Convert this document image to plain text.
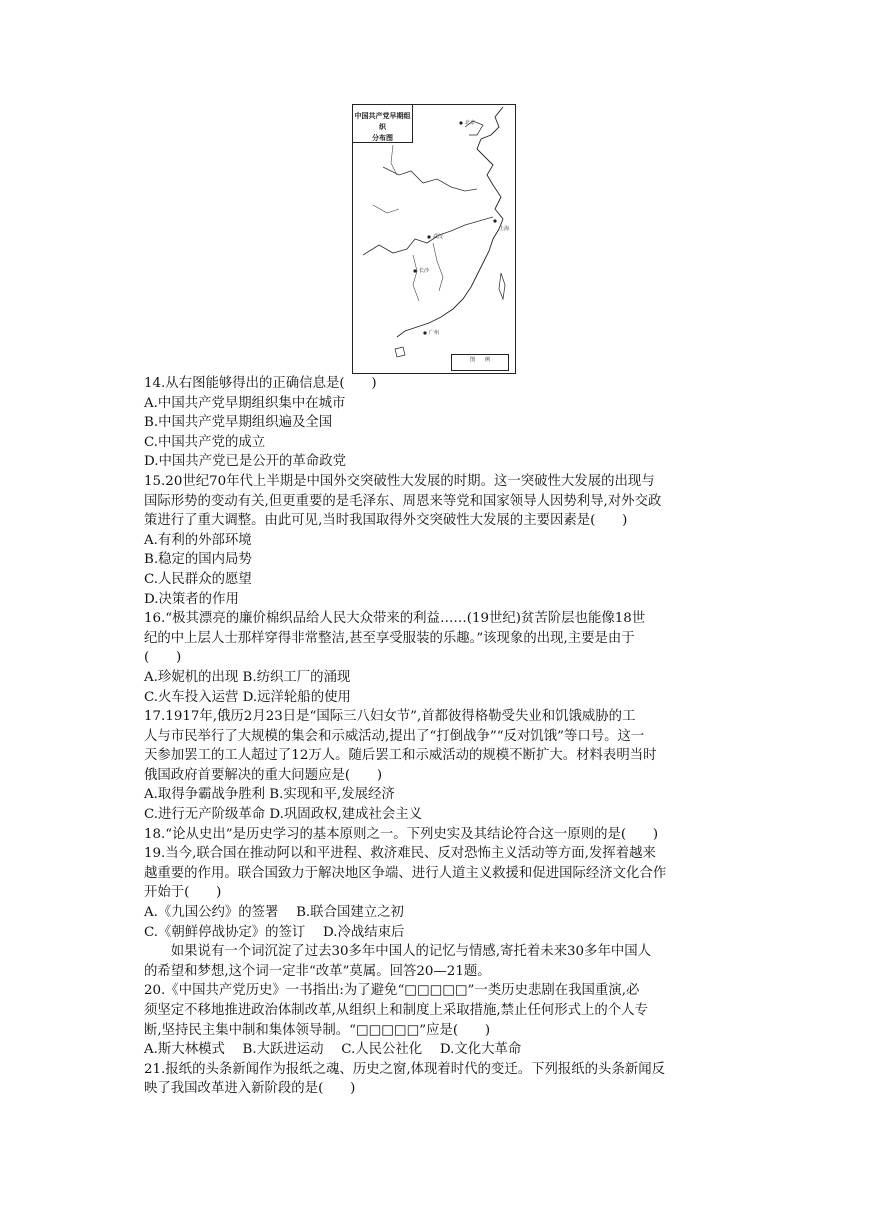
中国共产党早期组织
分布图
北京
武汉
长沙
广州
上海
图　　例

14.从右图能够得出的正确信息是(　　)

A.中国共产党早期组织集中在城市

B.中国共产党早期组织遍及全国

C.中国共产党的成立

D.中国共产党已是公开的革命政党

15.20世纪70年代上半期是中国外交突破性大发展的时期。这一突破性大发展的出现与

国际形势的变动有关,但更重要的是毛泽东、周恩来等党和国家领导人因势利导,对外交政

策进行了重大调整。由此可见,当时我国取得外交突破性大发展的主要因素是(　　)

A.有利的外部环境

B.稳定的国内局势

C.人民群众的愿望

D.决策者的作用

16.“极其漂亮的廉价棉织品给人民大众带来的利益……(19世纪)贫苦阶层也能像18世

纪的中上层人士那样穿得非常整洁,甚至享受服装的乐趣。”该现象的出现,主要是由于

(　　)

A.珍妮机的出现 B.纺织工厂的涌现

C.火车投入运营 D.远洋轮船的使用

17.1917年,俄历2月23日是“国际三八妇女节”,首都彼得格勒受失业和饥饿威胁的工

人与市民举行了大规模的集会和示威活动,提出了“打倒战争”“反对饥饿”等口号。这一

天参加罢工的工人超过了12万人。随后罢工和示威活动的规模不断扩大。材料表明当时

俄国政府首要解决的重大问题应是(　　)

A.取得争霸战争胜利 B.实现和平,发展经济

C.进行无产阶级革命 D.巩固政权,建成社会主义

18.“论从史出”是历史学习的基本原则之一。下列史实及其结论符合这一原则的是(　　)

19.当今,联合国在推动阿以和平进程、救济难民、反对恐怖主义活动等方面,发挥着越来

越重要的作用。联合国致力于解决地区争端、进行人道主义救援和促进国际经济文化合作

开始于(　　)

A.《九国公约》的签署　 B.联合国建立之初

C.《朝鲜停战协定》的签订　 D.冷战结束后

如果说有一个词沉淀了过去30多年中国人的记忆与情感,寄托着未来30多年中国人

的希望和梦想,这个词一定非“改革”莫属。回答20—21题。

20.《中国共产党历史》一书指出:为了避免“□□□□□”一类历史悲剧在我国重演,必

须坚定不移地推进政治体制改革,从组织上和制度上采取措施,禁止任何形式上的个人专

断,坚持民主集中制和集体领导制。“□□□□□”应是(　　)

A.斯大林模式　 B.大跃进运动　 C.人民公社化　 D.文化大革命

21.报纸的头条新闻作为报纸之魂、历史之窗,体现着时代的变迁。下列报纸的头条新闻反

映了我国改革进入新阶段的是(　　)
